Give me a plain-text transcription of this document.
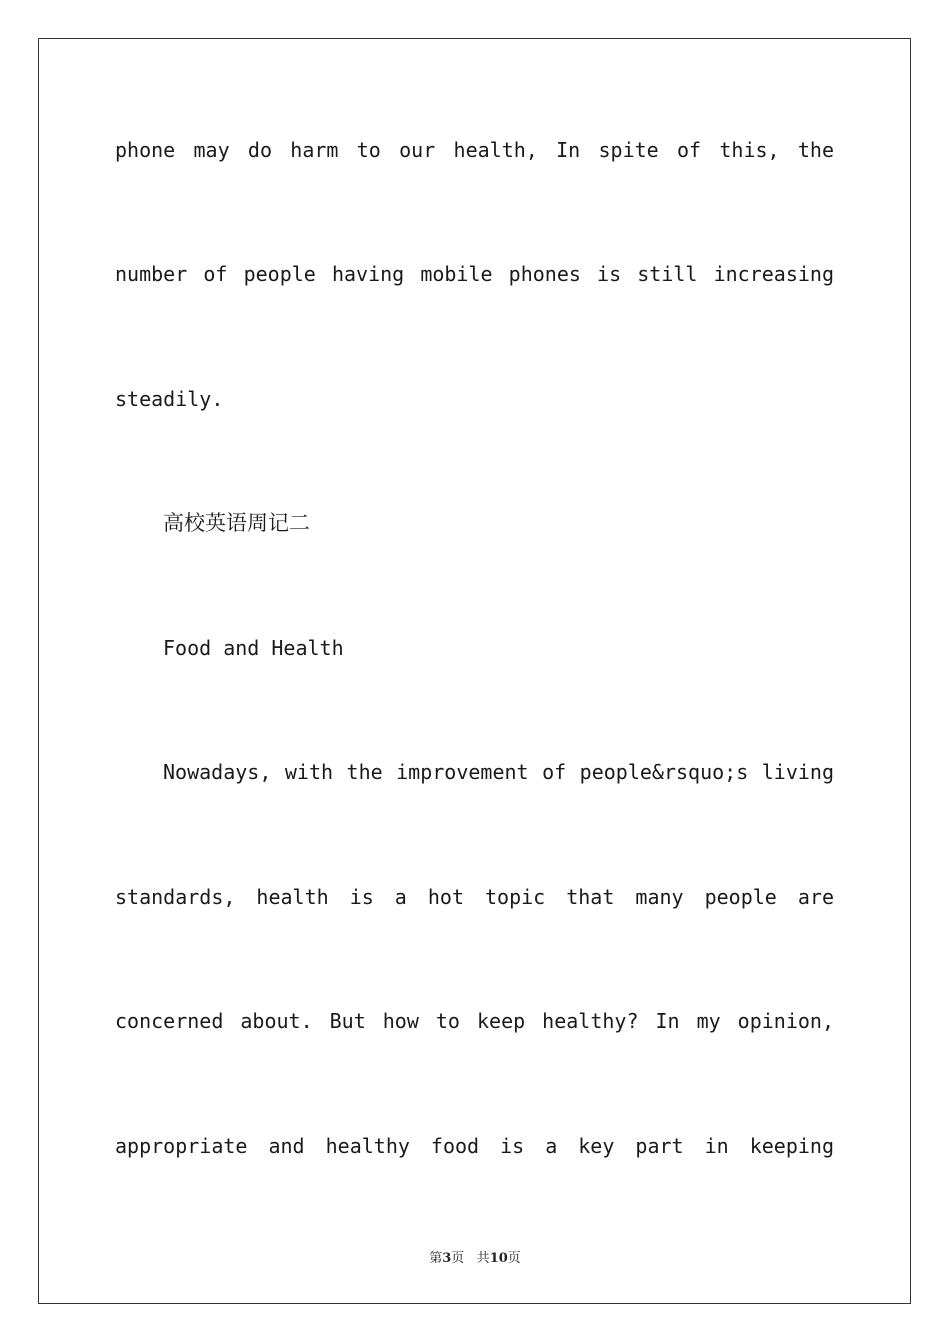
phone may do harm to our health, In spite of this, the
number of people having mobile phones is still increasing
steadily.
高校英语周记二
Food and Health
Nowadays, with the improvement of people&rsquo;s living
standards, health is a hot topic that many people are
concerned about. But how to keep healthy? In my opinion,
appropriate and healthy food is a key part in keeping
第3页 共10页
